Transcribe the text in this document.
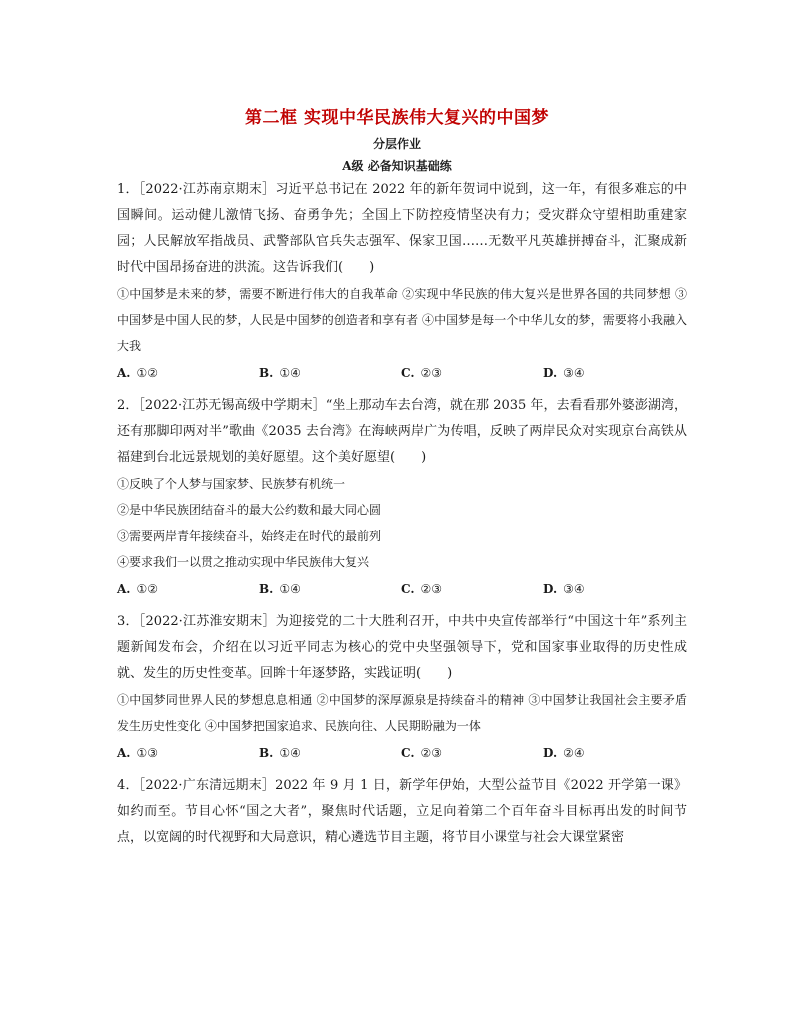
第二框 实现中华民族伟大复兴的中国梦
分层作业
A级 必备知识基础练

1．［2022·江苏南京期末］习近平总书记在 2022 年的新年贺词中说到，这一年，有很多难忘的中国瞬间。运动健儿激情飞扬、奋勇争先；全国上下防控疫情坚决有力；受灾群众守望相助重建家园；人民解放军指战员、武警部队官兵失志强军、保家卫国……无数平凡英雄拼搏奋斗，汇聚成新时代中国昂扬奋进的洪流。这告诉我们(　　)

①中国梦是未来的梦，需要不断进行伟大的自我革命 ②实现中华民族的伟大复兴是世界各国的共同梦想 ③中国梦是中国人民的梦，人民是中国梦的创造者和享有者 ④中国梦是每一个中华儿女的梦，需要将小我融入大我

A. ①②	B. ①④	C. ②③	D. ③④

2．［2022·江苏无锡高级中学期末］“坐上那动车去台湾，就在那 2035 年，去看看那外婆澎湖湾，还有那脚印两对半”歌曲《2035 去台湾》在海峡两岸广为传唱，反映了两岸民众对实现京台高铁从福建到台北远景规划的美好愿望。这个美好愿望(　　)

①反映了个人梦与国家梦、民族梦有机统一

②是中华民族团结奋斗的最大公约数和最大同心圆

③需要两岸青年接续奋斗，始终走在时代的最前列

④要求我们一以贯之推动实现中华民族伟大复兴

A. ①②	B. ①④	C. ②③	D. ③④

3．［2022·江苏淮安期末］为迎接党的二十大胜利召开，中共中央宣传部举行“中国这十年”系列主题新闻发布会，介绍在以习近平同志为核心的党中央坚强领导下，党和国家事业取得的历史性成就、发生的历史性变革。回眸十年逐梦路，实践证明(　　)

①中国梦同世界人民的梦想息息相通 ②中国梦的深厚源泉是持续奋斗的精神 ③中国梦让我国社会主要矛盾发生历史性变化 ④中国梦把国家追求、民族向往、人民期盼融为一体

A. ①③	B. ①④	C. ②③	D. ②④

4．［2022·广东清远期末］2022 年 9 月 1 日，新学年伊始，大型公益节目《2022 开学第一课》如约而至。节目心怀“国之大者”，聚焦时代话题，立足向着第二个百年奋斗目标再出发的时间节点，以宽阔的时代视野和大局意识，精心遴选节目主题，将节目小课堂与社会大课堂紧密
